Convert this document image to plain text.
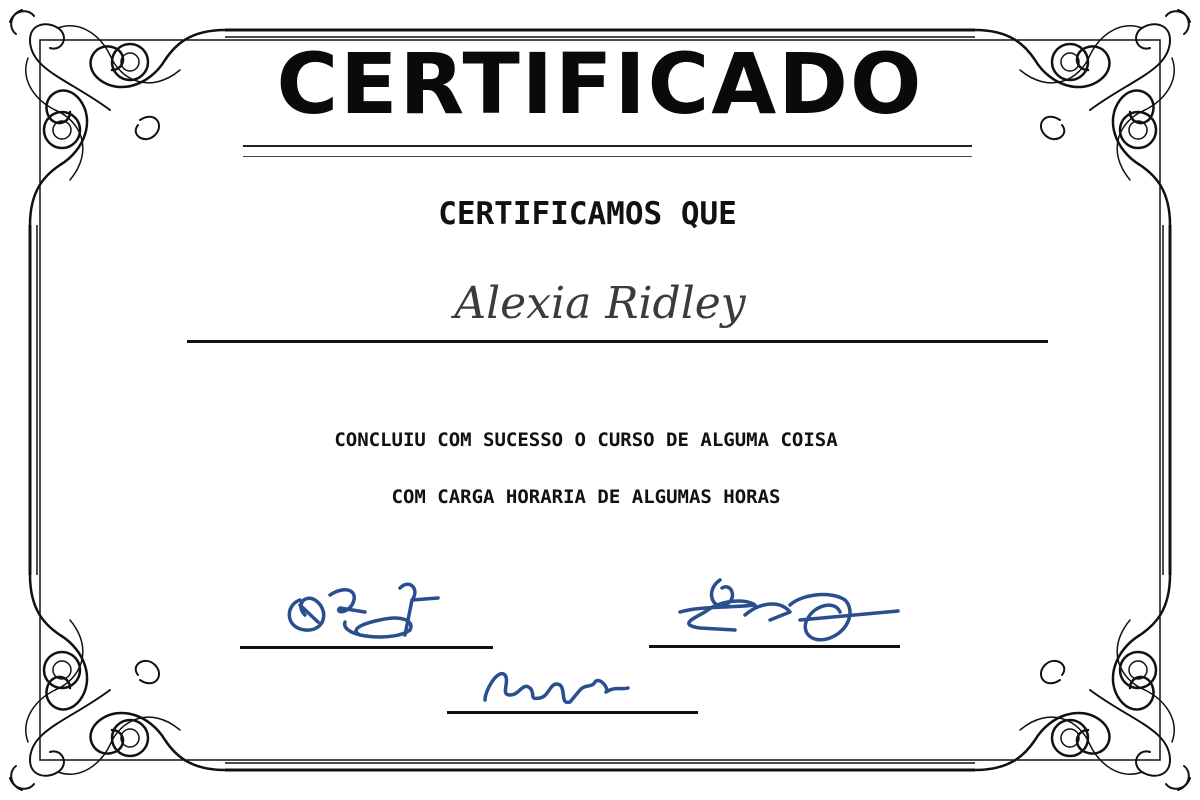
CERTIFICADO
CERTIFICAMOS QUE
Alexia Ridley
CONCLUIU COM SUCESSO O CURSO DE ALGUMA COISA
COM CARGA HORARIA DE ALGUMAS HORAS
